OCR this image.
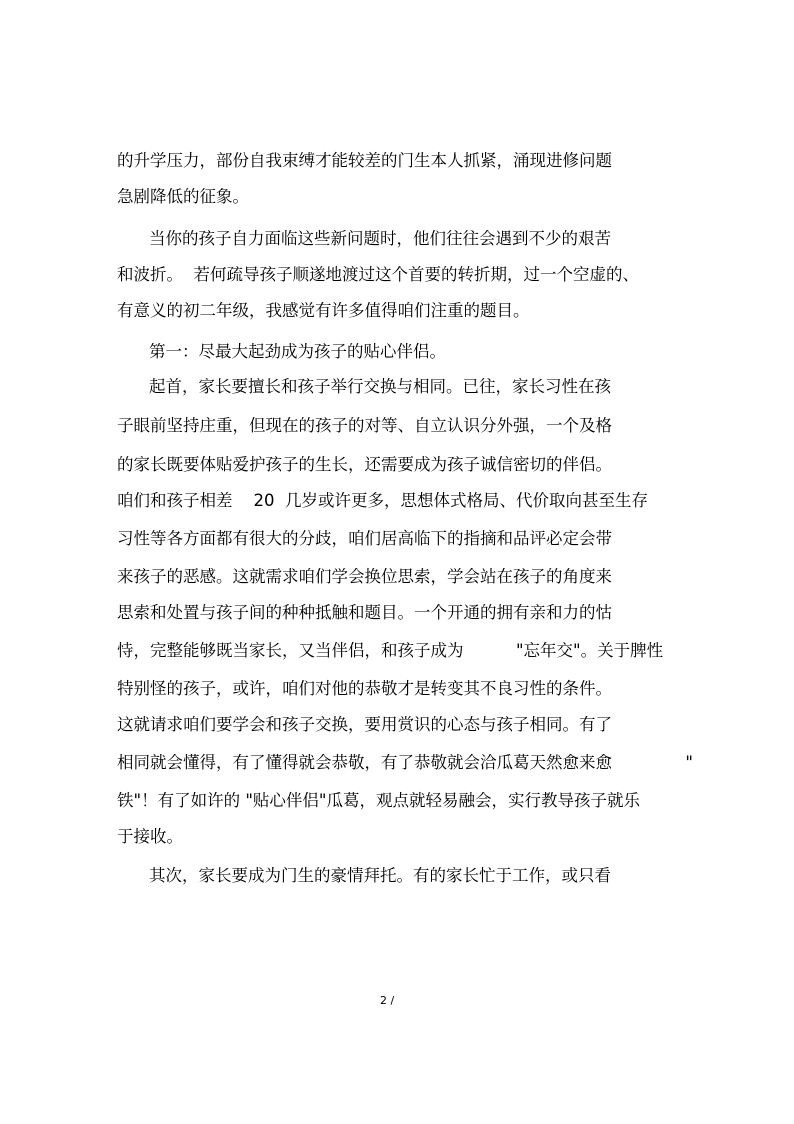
的升学压力，部份自我束缚才能较差的门生本人抓紧，涌现进修问题
急剧降低的征象。
当你的孩子自力面临这些新问题时，他们往往会遇到不少的艰苦
和波折。  若何疏导孩子顺遂地渡过这个首要的转折期，过一个空虚的、
有意义的初二年级，我感觉有许多值得咱们注重的题目。
第一：尽最大起劲成为孩子的贴心伴侣。
起首，家长要擅长和孩子举行交换与相同。已往，家长习性在孩
子眼前坚持庄重，但现在的孩子的对等、自立认识分外强，一个及格
的家长既要体贴爱护孩子的生长，还需要成为孩子诚信密切的伴侣。
咱们和孩子相差    20  几岁或许更多，思想体式格局、代价取向甚至生存
习性等各方面都有很大的分歧，咱们居高临下的指摘和品评必定会带
来孩子的恶感。这就需求咱们学会换位思索，学会站在孩子的角度来
思索和处置与孩子间的种种抵触和题目。一个开通的拥有亲和力的怙
恃，完整能够既当家长，又当伴侣，和孩子成为          "忘年交"。关于脾性
特别怪的孩子，或许，咱们对他的恭敬才是转变其不良习性的条件。
这就请求咱们要学会和孩子交换，要用赏识的心态与孩子相同。有了
相同就会懂得，有了懂得就会恭敬，有了恭敬就会洽瓜葛天然愈来愈              "
铁"！有了如许的 "贴心伴侣"瓜葛，观点就轻易融会，实行教导孩子就乐
于接收。
其次，家长要成为门生的豪情拜托。有的家长忙于工作，或只看
2 /
